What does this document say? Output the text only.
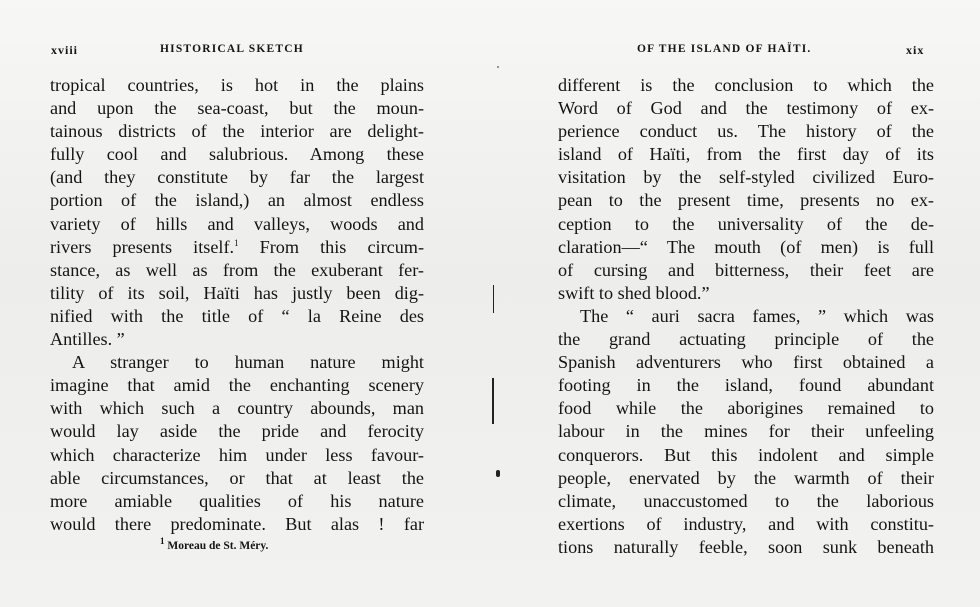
xviii	HISTORICAL SKETCH
tropical countries, is hot in the plains
and upon the sea-coast, but the moun-
tainous districts of the interior are delight-
fully cool and salubrious. Among these
(and they constitute by far the largest
portion of the island,) an almost endless
variety of hills and valleys, woods and
rivers presents itself.$^1$ From this circum-
stance, as well as from the exuberant fer-
tility of its soil, Haïti has justly been dig-
nified with the title of “ la Reine des
Antilles. ”
A stranger to human nature might
imagine that amid the enchanting scenery
with which such a country abounds, man
would lay aside the pride and ferocity
which characterize him under less favour-
able circumstances, or that at least the
more amiable qualities of his nature
would there predominate. But alas ! far
$^1$ Moreau de St. Méry.
OF THE ISLAND OF HAÏTI.	xix
different is the conclusion to which the
Word of God and the testimony of ex-
perience conduct us. The history of the
island of Haïti, from the first day of its
visitation by the self-styled civilized Euro-
pean to the present time, presents no ex-
ception to the universality of the de-
claration—“ The mouth (of men) is full
of cursing and bitterness, their feet are
swift to shed blood.”
The “ auri sacra fames, ” which was
the grand actuating principle of the
Spanish adventurers who first obtained a
footing in the island, found abundant
food while the aborigines remained to
labour in the mines for their unfeeling
conquerors. But this indolent and simple
people, enervated by the warmth of their
climate, unaccustomed to the laborious
exertions of industry, and with constitu-
tions naturally feeble, soon sunk beneath
